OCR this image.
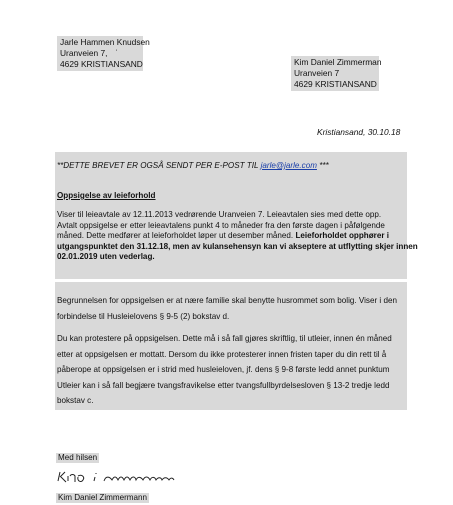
Jarle Hammen Knudsen
Uranveien 7, '
4629 KRISTIANSAND	Kim Daniel Zimmerman
Uranveien 7
4629 KRISTIANSAND
Kristiansand, 30.10.18
**DETTE BREVET ER OGSÅ SENDT PER E-POST TIL jarle@jarle.com ***
Oppsigelse av leieforhold
Viser til leieavtale av 12.11.2013 vedrørende Uranveien 7. Leieavtalen sies med dette opp.
Avtalt oppsigelse er etter leieavtalens punkt 4 to måneder fra den første dagen i påfølgende
måned. Dette medfører at leieforholdet løper ut desember måned. Leieforholdet opphører i
utgangspunktet den 31.12.18, men av kulansehensyn kan vi akseptere at utflytting skjer innen
02.01.2019 uten vederlag.
Begrunnelsen for oppsigelsen er at nære familie skal benytte husrommet som bolig. Viser i den
forbindelse til Husleielovens § 9-5 (2) bokstav d.
Du kan protestere på oppsigelsen. Dette må i så fall gjøres skriftlig, til utleier, innen én måned
etter at oppsigelsen er mottatt. Dersom du ikke protesterer innen fristen taper du din rett til å
påberope at oppsigelsen er i strid med husleieloven, jf. dens § 9-8 første ledd annet punktum
Utleier kan i så fall begjære tvangsfravikelse etter tvangsfullbyrdelsesloven § 13-2 tredje ledd
bokstav c.
Med hilsen
Kim Daniel Zimmermann
